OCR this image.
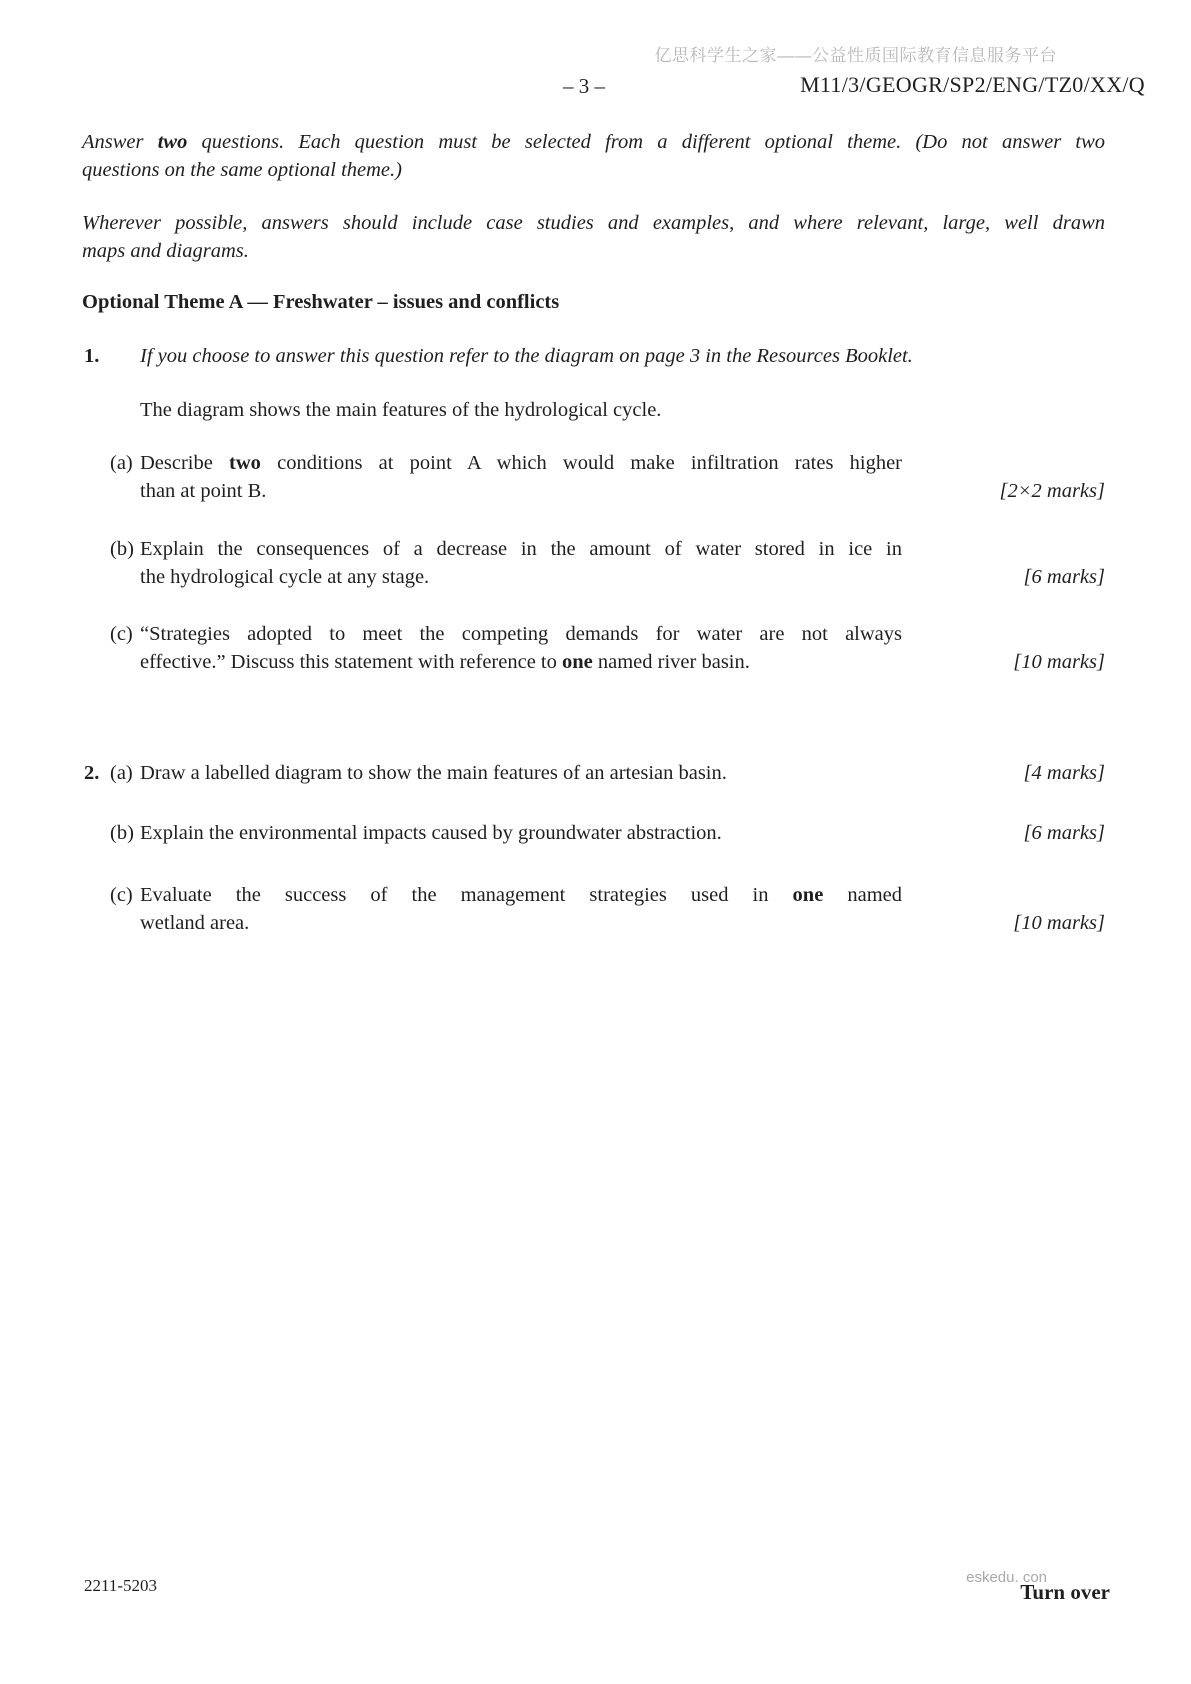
亿思科学生之家——公益性质国际教育信息服务平台
– 3 –	M11/3/GEOGR/SP2/ENG/TZ0/XX/Q
Answer two questions. Each question must be selected from a different optional theme. (Do not answer two
questions on the same optional theme.)
Wherever possible, answers should include case studies and examples, and where relevant, large, well drawn
maps and diagrams.
Optional Theme A — Freshwater – issues and conflicts
1. If you choose to answer this question refer to the diagram on page 3 in the Resources Booklet.
The diagram shows the main features of the hydrological cycle.
(a) Describe two conditions at point A which would make infiltration rates higher
than at point B.	[2×2 marks]
(b) Explain the consequences of a decrease in the amount of water stored in ice in
the hydrological cycle at any stage.	[6 marks]
(c) “Strategies adopted to meet the competing demands for water are not always
effective.” Discuss this statement with reference to one named river basin.	[10 marks]
2. (a) Draw a labelled diagram to show the main features of an artesian basin.	[4 marks]
(b) Explain the environmental impacts caused by groundwater abstraction.	[6 marks]
(c) Evaluate the success of the management strategies used in one named
wetland area.	[10 marks]
2211-5203	eskedu. con
Turn over
